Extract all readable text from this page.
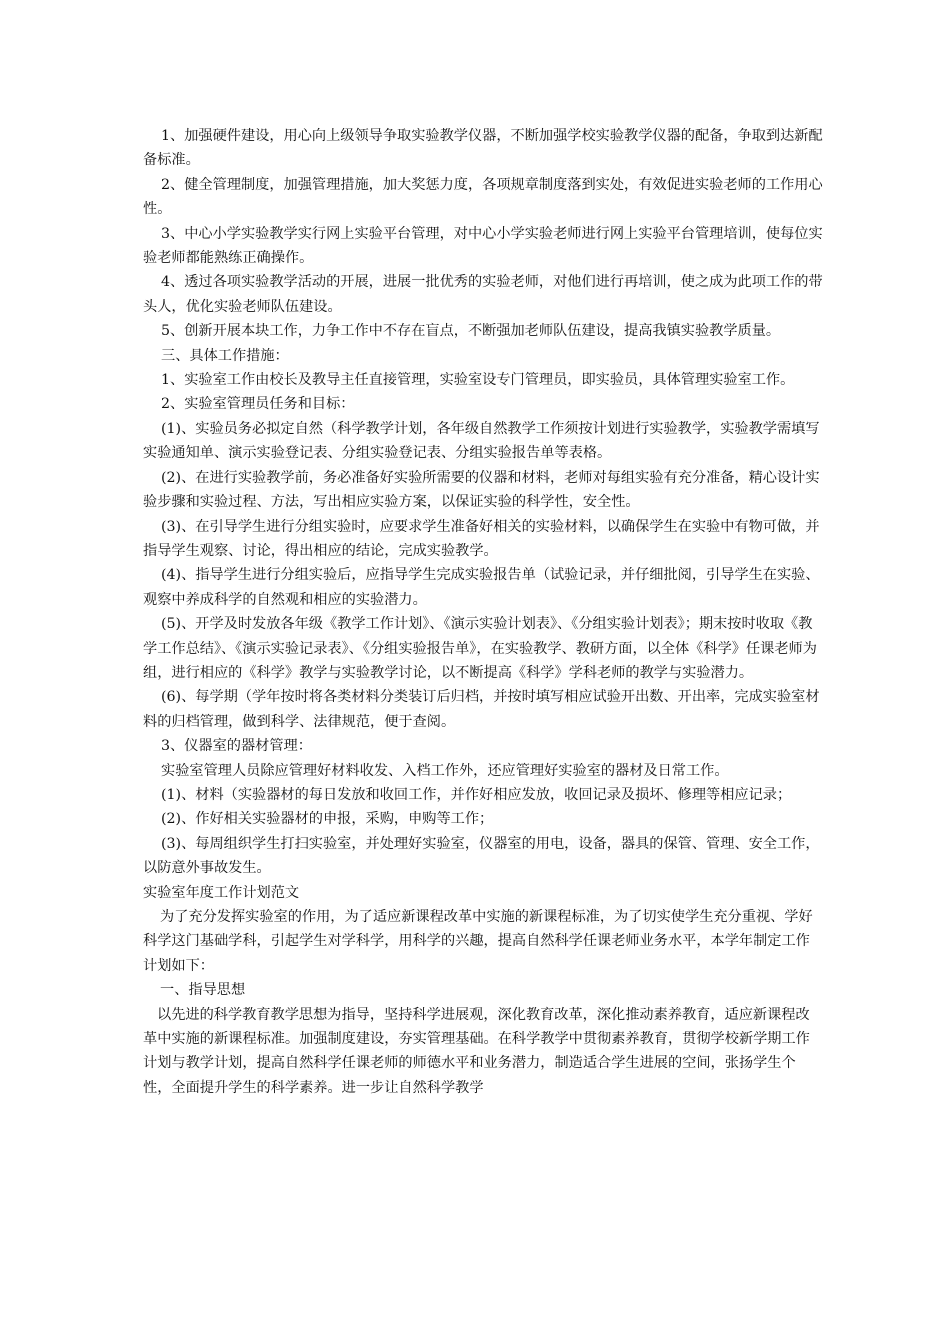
1、加强硬件建设，用心向上级领导争取实验教学仪器，不断加强学校实验教学仪器的配备，争取到达新配备标准。

2、健全管理制度，加强管理措施，加大奖惩力度，各项规章制度落到实处，有效促进实验老师的工作用心性。

3、中心小学实验教学实行网上实验平台管理，对中心小学实验老师进行网上实验平台管理培训，使每位实验老师都能熟练正确操作。

4、透过各项实验教学活动的开展，进展一批优秀的实验老师，对他们进行再培训，使之成为此项工作的带头人，优化实验老师队伍建设。

5、创新开展本块工作，力争工作中不存在盲点，不断强加老师队伍建设，提高我镇实验教学质量。

三、具体工作措施：

1、实验室工作由校长及教导主任直接管理，实验室设专门管理员，即实验员，具体管理实验室工作。

2、实验室管理员任务和目标：

(1)、实验员务必拟定自然（科学教学计划，各年级自然教学工作须按计划进行实验教学，实验教学需填写实验通知单、演示实验登记表、分组实验登记表、分组实验报告单等表格。

(2)、在进行实验教学前，务必准备好实验所需要的仪器和材料，老师对每组实验有充分准备，精心设计实验步骤和实验过程、方法，写出相应实验方案，以保证实验的科学性，安全性。

(3)、在引导学生进行分组实验时，应要求学生准备好相关的实验材料，以确保学生在实验中有物可做，并指导学生观察、讨论，得出相应的结论，完成实验教学。

(4)、指导学生进行分组实验后，应指导学生完成实验报告单（试验记录，并仔细批阅，引导学生在实验、观察中养成科学的自然观和相应的实验潜力。

(5)、开学及时发放各年级《教学工作计划》、《演示实验计划表》、《分组实验计划表》；期末按时收取《教学工作总结》、《演示实验记录表》、《分组实验报告单》，在实验教学、教研方面，以全体《科学》任课老师为组，进行相应的《科学》教学与实验教学讨论，以不断提高《科学》学科老师的教学与实验潜力。

(6)、每学期（学年按时将各类材料分类装订后归档，并按时填写相应试验开出数、开出率，完成实验室材料的归档管理，做到科学、法律规范，便于查阅。

3、仪器室的器材管理：

实验室管理人员除应管理好材料收发、入档工作外，还应管理好实验室的器材及日常工作。

(1)、材料（实验器材的每日发放和收回工作，并作好相应发放，收回记录及损坏、修理等相应记录；

(2)、作好相关实验器材的申报，采购，申购等工作；

(3)、每周组织学生打扫实验室，并处理好实验室，仪器室的用电，设备，器具的保管、管理、安全工作，以防意外事故发生。

实验室年度工作计划范文

为了充分发挥实验室的作用，为了适应新课程改革中实施的新课程标准，为了切实使学生充分重视、学好科学这门基础学科，引起学生对学科学，用科学的兴趣，提高自然科学任课老师业务水平，本学年制定工作计划如下：

一、指导思想

以先进的科学教育教学思想为指导，坚持科学进展观，深化教育改革，深化推动素养教育，适应新课程改革中实施的新课程标准。加强制度建设，夯实管理基础。在科学教学中贯彻素养教育，贯彻学校新学期工作计划与教学计划，提高自然科学任课老师的师德水平和业务潜力，制造适合学生进展的空间，张扬学生个性，全面提升学生的科学素养。进一步让自然科学教学
